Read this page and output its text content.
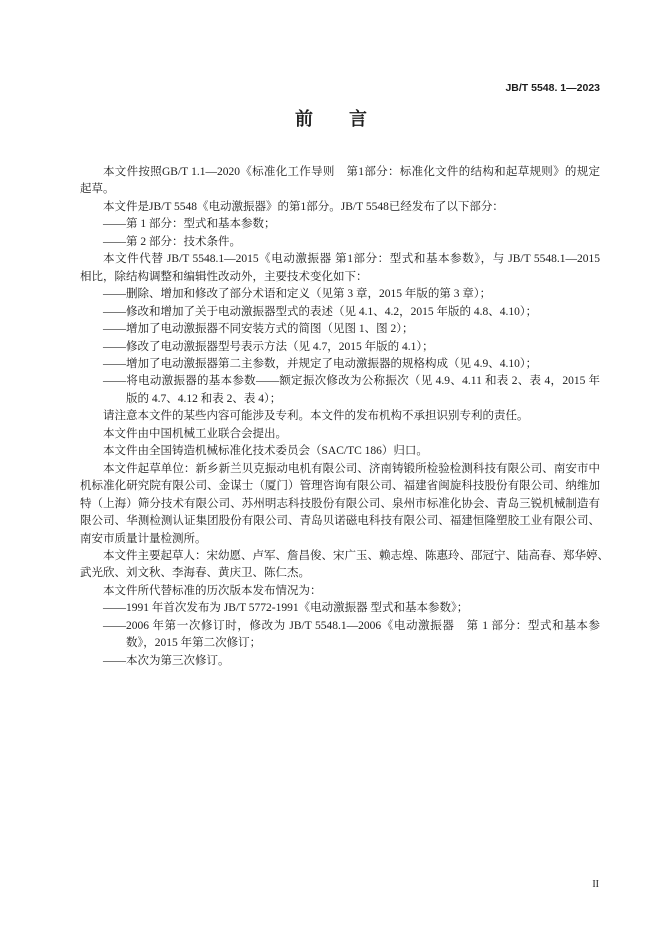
JB/T 5548. 1—2023
前　　言
本文件按照GB/T 1.1—2020《标准化工作导则　第1部分：标准化文件的结构和起草规则》的规定
起草。
本文件是JB/T 5548《电动激振器》的第1部分。JB/T 5548已经发布了以下部分：
——第 1 部分：型式和基本参数；
——第 2 部分：技术条件。
本文件代替 JB/T 5548.1—2015《电动激振器 第1部分：型式和基本参数》，与 JB/T 5548.1—2015
相比，除结构调整和编辑性改动外，主要技术变化如下：
——删除、增加和修改了部分术语和定义（见第 3 章，2015 年版的第 3 章）；
——修改和增加了关于电动激振器型式的表述（见 4.1、4.2，2015 年版的 4.8、4.10）；
——增加了电动激振器不同安装方式的简图（见图 1、图 2）；
——修改了电动激振器型号表示方法（见 4.7，2015 年版的 4.1）；
——增加了电动激振器第二主参数，并规定了电动激振器的规格构成（见 4.9、4.10）；
——将电动激振器的基本参数——额定振次修改为公称振次（见 4.9、4.11 和表 2、表 4，2015 年
版的 4.7、4.12 和表 2、表 4）；
请注意本文件的某些内容可能涉及专利。本文件的发布机构不承担识别专利的责任。
本文件由中国机械工业联合会提出。
本文件由全国铸造机械标准化技术委员会（SAC/TC 186）归口。
本文件起草单位：新乡新兰贝克振动电机有限公司、济南铸锻所检验检测科技有限公司、南安市中
机标准化研究院有限公司、金谋士（厦门）管理咨询有限公司、福建省闽旋科技股份有限公司、纳维加
特（上海）筛分技术有限公司、苏州明志科技股份有限公司、泉州市标准化协会、青岛三锐机械制造有
限公司、华测检测认证集团股份有限公司、青岛贝诺磁电科技有限公司、福建恒隆塑胶工业有限公司、
南安市质量计量检测所。
本文件主要起草人：宋幼愿、卢军、詹昌俊、宋广玉、赖志煌、陈惠玲、邵冠宁、陆高春、郑华婷、
武光欣、刘文秋、李海春、黄庆卫、陈仁杰。
本文件所代替标准的历次版本发布情况为：
——1991 年首次发布为 JB/T 5772-1991《电动激振器 型式和基本参数》；
——2006 年第一次修订时，修改为 JB/T 5548.1—2006《电动激振器　第 1 部分：型式和基本参
数》，2015 年第二次修订；
——本次为第三次修订。
II
